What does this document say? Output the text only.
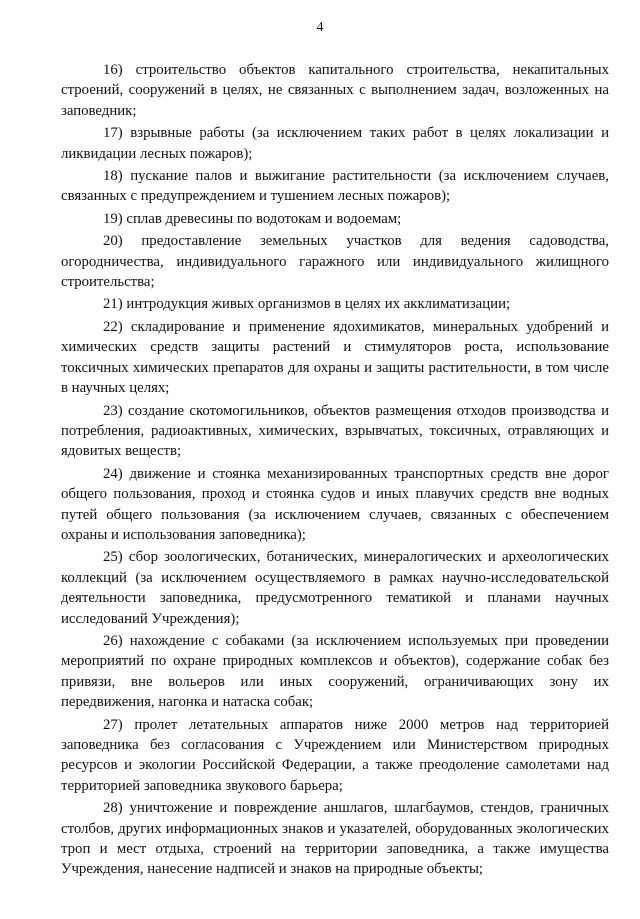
4

16) строительство объектов капитального строительства, некапитальных строений, сооружений в целях, не связанных с выполнением задач, возложенных на заповедник;

17) взрывные работы (за исключением таких работ в целях локализации и ликвидации лесных пожаров);

18) пускание палов и выжигание растительности (за исключением случаев, связанных с предупреждением и тушением лесных пожаров);

19) сплав древесины по водотокам и водоемам;

20) предоставление земельных участков для ведения садоводства, огородничества, индивидуального гаражного или индивидуального жилищного строительства;

21) интродукция живых организмов в целях их акклиматизации;

22) складирование и применение ядохимикатов, минеральных удобрений и химических средств защиты растений и стимуляторов роста, использование токсичных химических препаратов для охраны и защиты растительности, в том числе в научных целях;

23) создание скотомогильников, объектов размещения отходов производства и потребления, радиоактивных, химических, взрывчатых, токсичных, отравляющих и ядовитых веществ;

24) движение и стоянка механизированных транспортных средств вне дорог общего пользования, проход и стоянка судов и иных плавучих средств вне водных путей общего пользования (за исключением случаев, связанных с обеспечением охраны и использования заповедника);

25) сбор зоологических, ботанических, минералогических и археологических коллекций (за исключением осуществляемого в рамках научно-исследовательской деятельности заповедника, предусмотренного тематикой и планами научных исследований Учреждения);

26) нахождение с собаками (за исключением используемых при проведении мероприятий по охране природных комплексов и объектов), содержание собак без привязи, вне вольеров или иных сооружений, ограничивающих зону их передвижения, нагонка и натаска собак;

27) пролет летательных аппаратов ниже 2000 метров над территорией заповедника без согласования с Учреждением или Министерством природных ресурсов и экологии Российской Федерации, а также преодоление самолетами над территорией заповедника звукового барьера;

28) уничтожение и повреждение аншлагов, шлагбаумов, стендов, граничных столбов, других информационных знаков и указателей, оборудованных экологических троп и мест отдыха, строений на территории заповедника, а также имущества Учреждения, нанесение надписей и знаков на природные объекты;
